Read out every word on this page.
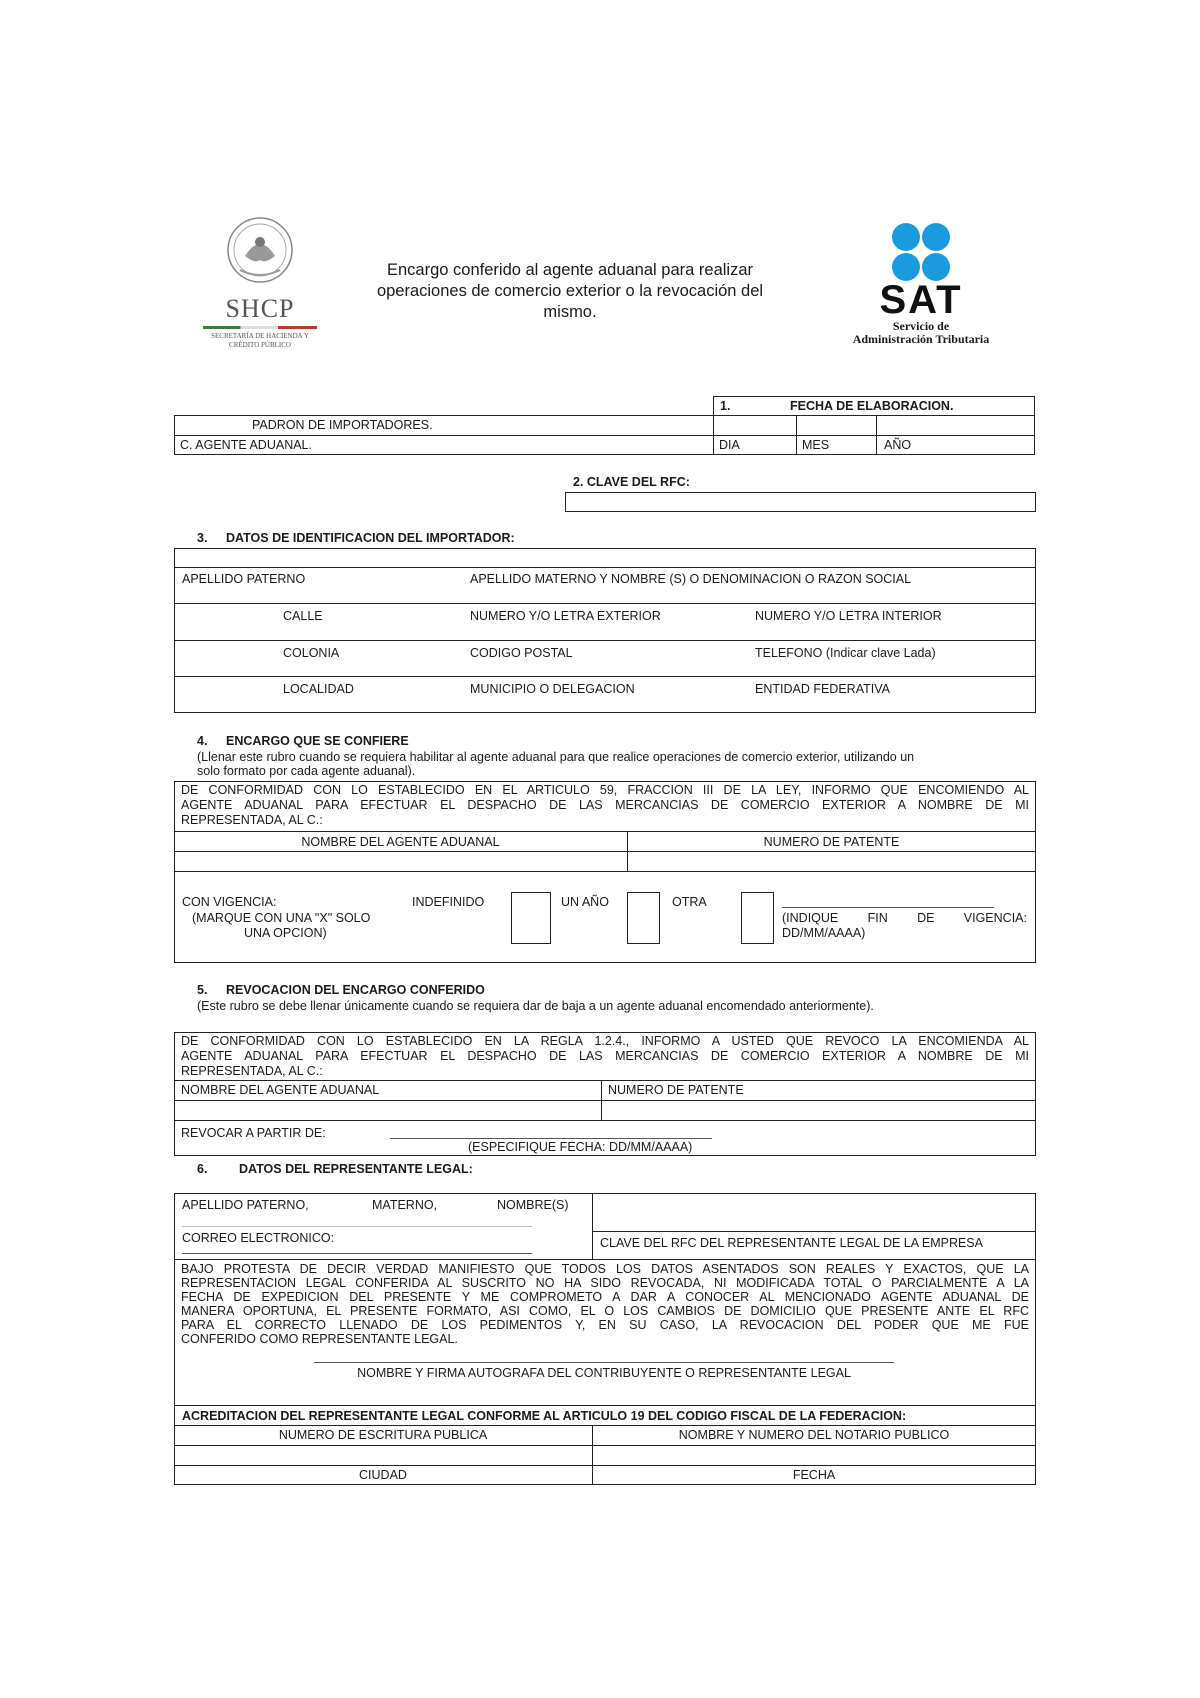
SHCP
SECRETARÍA DE HACIENDA Y CRÉDITO PÚBLICO
Encargo conferido al agente aduanal para realizar
operaciones de comercio exterior o la revocación del
mismo.	SAT
Servicio de
Administración Tributaria
1.	FECHA DE ELABORACION.
PADRON DE IMPORTADORES.
C. AGENTE ADUANAL.	DIA	MES	AÑO
2. CLAVE DEL RFC:
3. DATOS DE IDENTIFICACION DEL IMPORTADOR:
APELLIDO PATERNO	APELLIDO MATERNO Y NOMBRE (S) O DENOMINACION O RAZON SOCIAL
CALLE	NUMERO Y/O LETRA EXTERIOR	NUMERO Y/O LETRA INTERIOR
COLONIA	CODIGO POSTAL	TELEFONO (Indicar clave Lada)
LOCALIDAD	MUNICIPIO O DELEGACION	ENTIDAD FEDERATIVA
4. ENCARGO QUE SE CONFIERE
(Llenar este rubro cuando se requiera habilitar al agente aduanal para que realice operaciones de comercio exterior, utilizando un
solo formato por cada agente aduanal).
DE CONFORMIDAD CON LO ESTABLECIDO EN EL ARTICULO 59, FRACCION III DE LA LEY, INFORMO QUE ENCOMIENDO AL
AGENTE ADUANAL PARA EFECTUAR EL DESPACHO DE LAS MERCANCIAS DE COMERCIO EXTERIOR A NOMBRE DE MI
REPRESENTADA, AL C.:
NOMBRE DEL AGENTE ADUANAL	NUMERO DE PATENTE
CON VIGENCIA:
(MARQUE CON UNA "X" SOLO
UNA OPCION)
INDEFINIDO	UN AÑO	OTRA
(INDIQUE FIN DE VIGENCIA:
DD/MM/AAAA)
5. REVOCACION DEL ENCARGO CONFERIDO
(Este rubro se debe llenar únicamente cuando se requiera dar de baja a un agente aduanal encomendado anteriormente).
DE CONFORMIDAD CON LO ESTABLECIDO EN LA REGLA 1.2.4., INFORMO A USTED QUE REVOCO LA ENCOMIENDA AL
AGENTE ADUANAL PARA EFECTUAR EL DESPACHO DE LAS MERCANCIAS DE COMERCIO EXTERIOR A NOMBRE DE MI
REPRESENTADA, AL C.:
NOMBRE DEL AGENTE ADUANAL	NUMERO DE PATENTE
REVOCAR A PARTIR DE:
(ESPECIFIQUE FECHA: DD/MM/AAAA)
6.	DATOS DEL REPRESENTANTE LEGAL:
APELLIDO PATERNO,	MATERNO,	NOMBRE(S)
CORREO ELECTRONICO:	CLAVE DEL RFC DEL REPRESENTANTE LEGAL DE LA EMPRESA
BAJO PROTESTA DE DECIR VERDAD MANIFIESTO QUE TODOS LOS DATOS ASENTADOS SON REALES Y EXACTOS, QUE LA
REPRESENTACION LEGAL CONFERIDA AL SUSCRITO NO HA SIDO REVOCADA, NI MODIFICADA TOTAL O PARCIALMENTE A LA
FECHA DE EXPEDICION DEL PRESENTE Y ME COMPROMETO A DAR A CONOCER AL MENCIONADO AGENTE ADUANAL DE
MANERA OPORTUNA, EL PRESENTE FORMATO, ASI COMO, EL O LOS CAMBIOS DE DOMICILIO QUE PRESENTE ANTE EL RFC
PARA EL CORRECTO LLENADO DE LOS PEDIMENTOS Y, EN SU CASO, LA REVOCACION DEL PODER QUE ME FUE
CONFERIDO COMO REPRESENTANTE LEGAL.
NOMBRE Y FIRMA AUTOGRAFA DEL CONTRIBUYENTE O REPRESENTANTE LEGAL
ACREDITACION DEL REPRESENTANTE LEGAL CONFORME AL ARTICULO 19 DEL CODIGO FISCAL DE LA FEDERACION:
NUMERO DE ESCRITURA PUBLICA	NOMBRE Y NUMERO DEL NOTARIO PUBLICO
CIUDAD	FECHA
